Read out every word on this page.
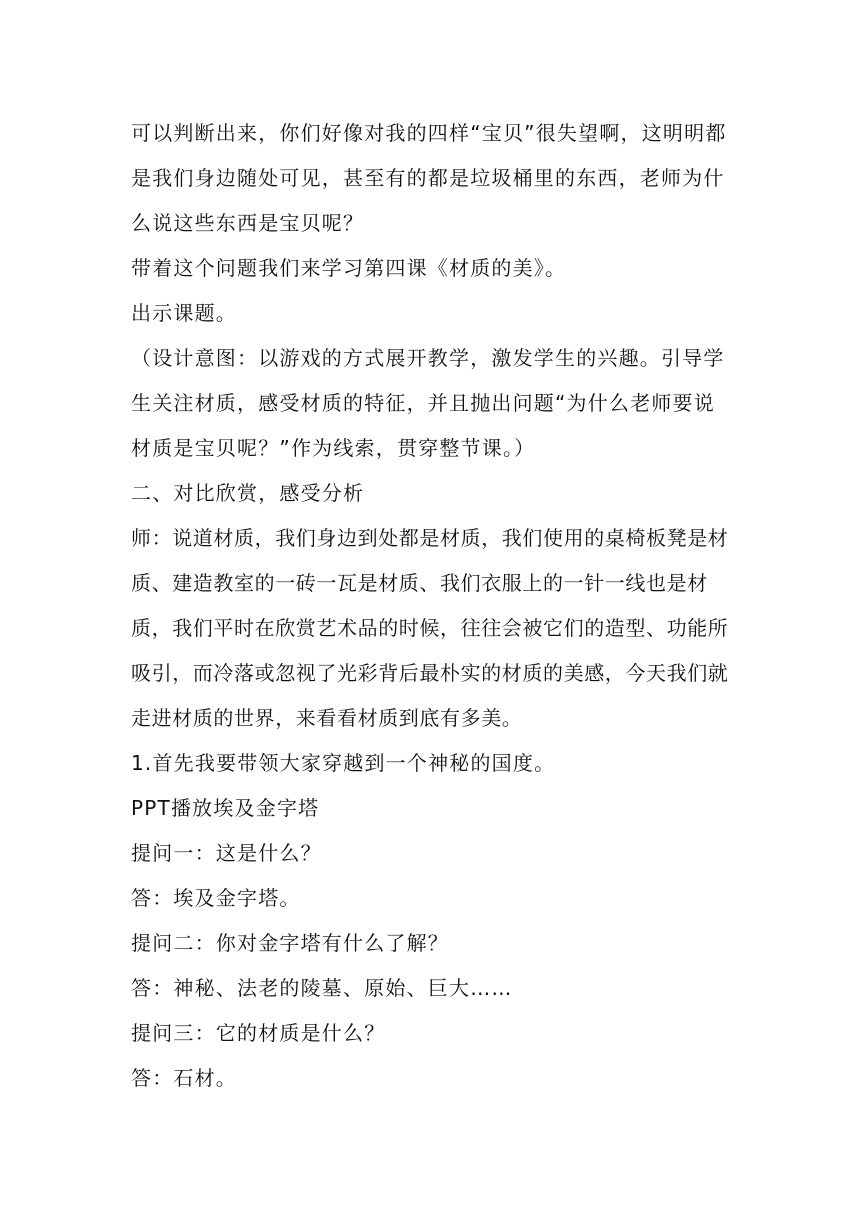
可以判断出来，你们好像对我的四样“宝贝”很失望啊，这明明都是我们身边随处可见，甚至有的都是垃圾桶里的东西，老师为什么说这些东西是宝贝呢？

带着这个问题我们来学习第四课《材质的美》。

出示课题。

（设计意图：以游戏的方式展开教学，激发学生的兴趣。引导学生关注材质，感受材质的特征，并且抛出问题“为什么老师要说材质是宝贝呢？”作为线索，贯穿整节课。）

二、对比欣赏，感受分析

师：说道材质，我们身边到处都是材质，我们使用的桌椅板凳是材质、建造教室的一砖一瓦是材质、我们衣服上的一针一线也是材质，我们平时在欣赏艺术品的时候，往往会被它们的造型、功能所吸引，而冷落或忽视了光彩背后最朴实的材质的美感，今天我们就走进材质的世界，来看看材质到底有多美。

1.首先我要带领大家穿越到一个神秘的国度。

PPT播放埃及金字塔

提问一：这是什么？

答：埃及金字塔。

提问二：你对金字塔有什么了解？

答：神秘、法老的陵墓、原始、巨大……

提问三：它的材质是什么？

答：石材。
